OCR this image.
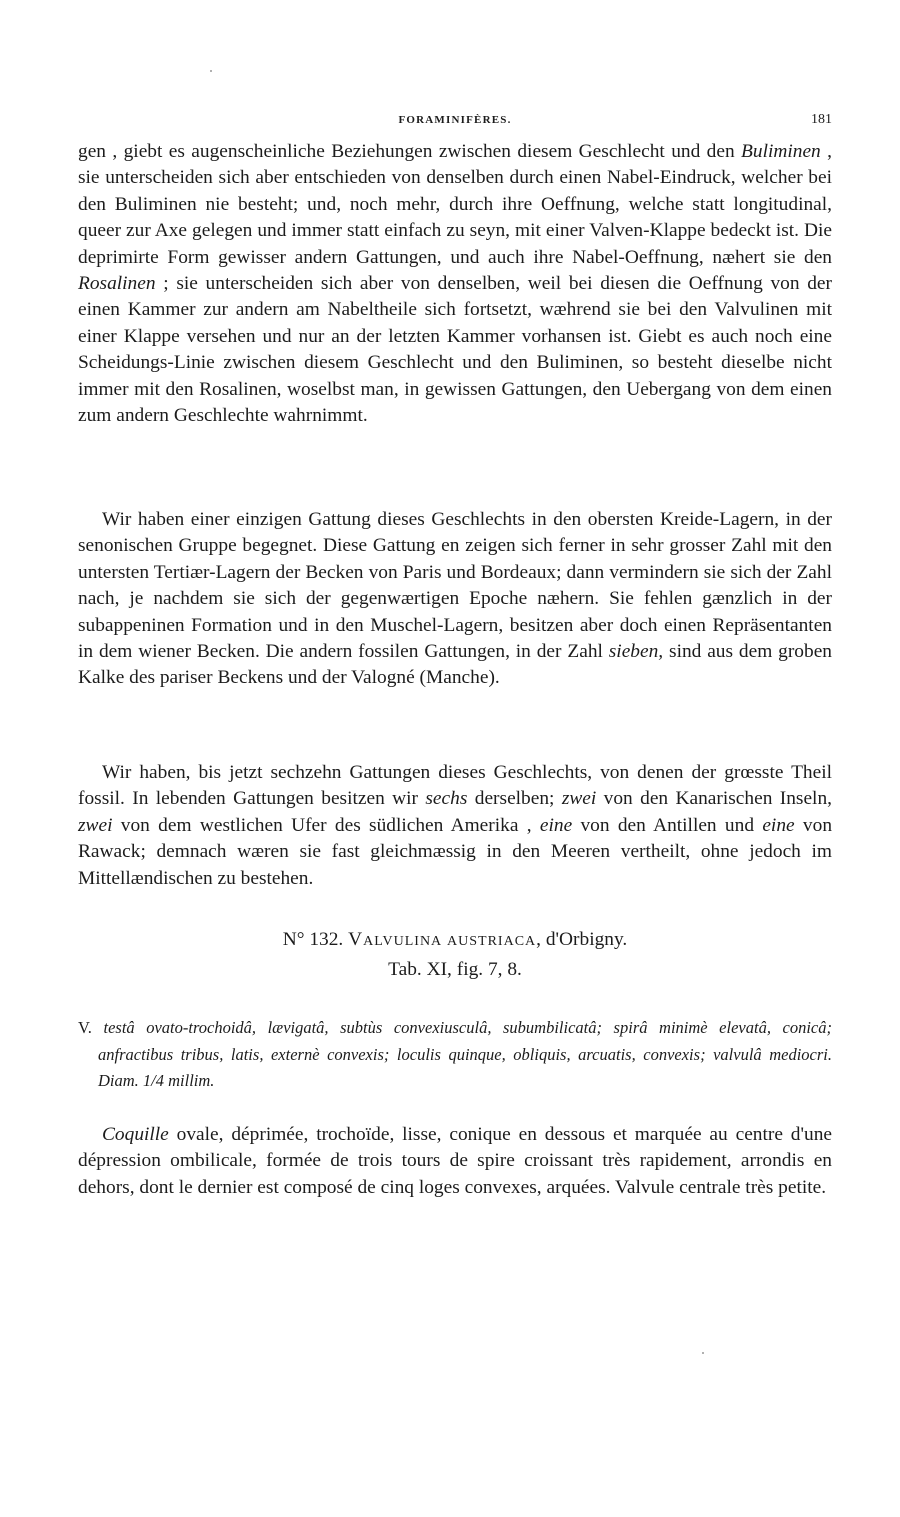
FORAMINIFÈRES.	181

gen , giebt es augenscheinliche Beziehungen zwischen diesem Geschlecht und den Buliminen , sie unterscheiden sich aber entschieden von denselben durch einen Nabel-Eindruck, welcher bei den Buliminen nie besteht; und, noch mehr, durch ihre Oeffnung, welche statt longitudinal, queer zur Axe gelegen und immer statt einfach zu seyn, mit einer Valven-Klappe bedeckt ist. Die deprimirte Form gewisser andern Gattungen, und auch ihre Nabel-Oeffnung, næhert sie den Rosalinen ; sie unterscheiden sich aber von denselben, weil bei diesen die Oeffnung von der einen Kammer zur andern am Nabeltheile sich fortsetzt, wæhrend sie bei den Valvulinen mit einer Klappe versehen und nur an der letzten Kammer vorhansen ist. Giebt es auch noch eine Scheidungs-Linie zwischen diesem Geschlecht und den Buliminen, so besteht dieselbe nicht immer mit den Rosalinen, woselbst man, in gewissen Gattungen, den Uebergang von dem einen zum andern Geschlechte wahrnimmt.

Wir haben einer einzigen Gattung dieses Geschlechts in den obersten Kreide-Lagern, in der senonischen Gruppe begegnet. Diese Gattung en zeigen sich ferner in sehr grosser Zahl mit den untersten Tertiær-Lagern der Becken von Paris und Bordeaux; dann vermindern sie sich der Zahl nach, je nachdem sie sich der gegenwærtigen Epoche næhern. Sie fehlen gænzlich in der subappeninen Formation und in den Muschel-Lagern, besitzen aber doch einen Repräsentanten in dem wiener Becken. Die andern fossilen Gattungen, in der Zahl sieben, sind aus dem groben Kalke des pariser Beckens und der Valogné (Manche).

Wir haben, bis jetzt sechzehn Gattungen dieses Geschlechts, von denen der grœsste Theil fossil. In lebenden Gattungen besitzen wir sechs derselben; zwei von den Kanarischen Inseln, zwei von dem westlichen Ufer des südlichen Amerika , eine von den Antillen und eine von Rawack; demnach wæren sie fast gleichmæssig in den Meeren vertheilt, ohne jedoch im Mittellændischen zu bestehen.

N° 132. Valvulina austriaca, d'Orbigny.
Tab. XI, fig. 7, 8.

V. testâ ovato-trochoidâ, lævigatâ, subtùs convexiusculâ, subumbilicatâ; spirâ minimè elevatâ, conicâ; anfractibus tribus, latis, externè convexis; loculis quinque, obliquis, arcuatis, convexis; valvulâ mediocri. Diam. 1/4 millim.

Coquille ovale, déprimée, trochoïde, lisse, conique en dessous et marquée au centre d'une dépression ombilicale, formée de trois tours de spire croissant très rapidement, arrondis en dehors, dont le dernier est composé de cinq loges convexes, arquées. Valvule centrale très petite.
